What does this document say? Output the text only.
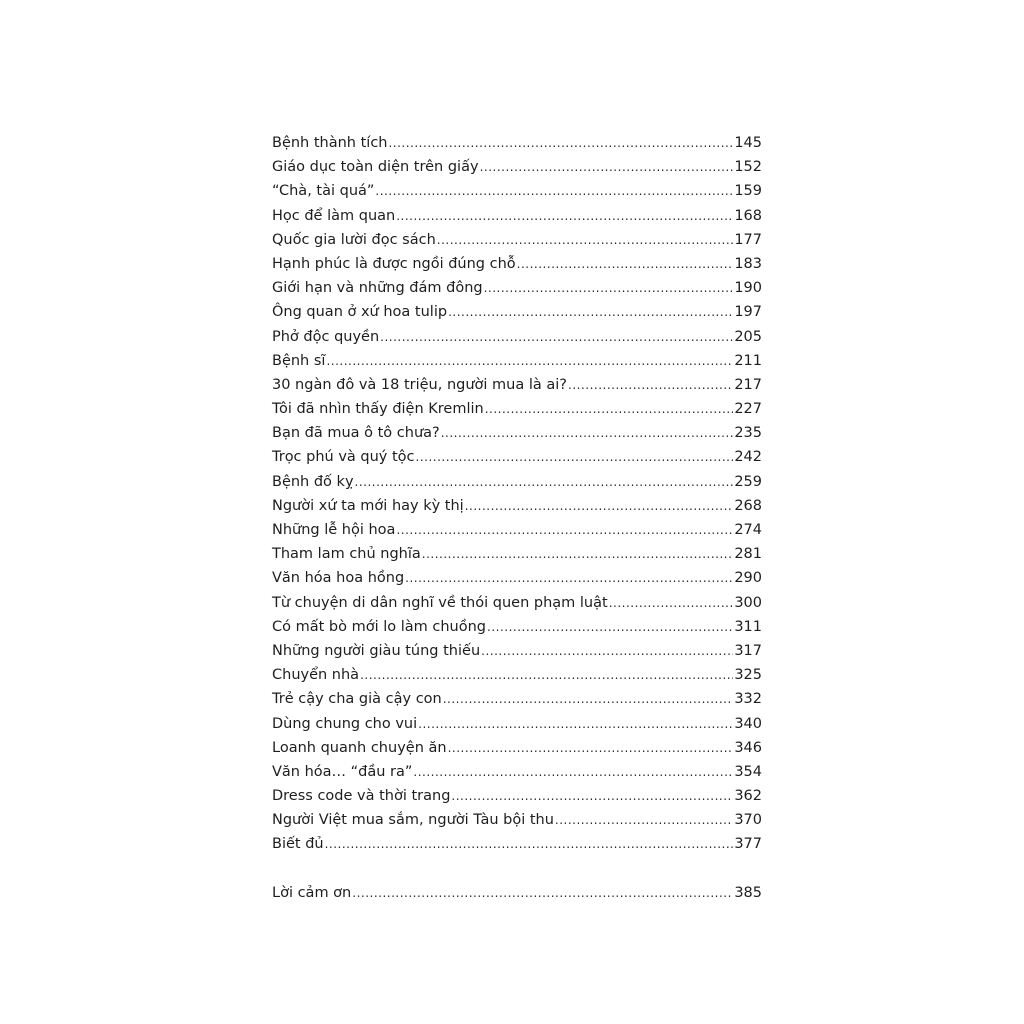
Bệnh thành tích .....	145
Giáo dục toàn diện trên giấy .....	152
“Chà, tài quá” .....	159
Học để làm quan .....	168
Quốc gia lười đọc sách .....	177
Hạnh phúc là được ngồi đúng chỗ .....	183
Giới hạn và những đám đông .....	190
Ông quan ở xứ hoa tulip .....	197
Phở độc quyền .....	205
Bệnh sĩ .....	211
30 ngàn đô và 18 triệu, người mua là ai? .....	217
Tôi đã nhìn thấy điện Kremlin .....	227
Bạn đã mua ô tô chưa? .....	235
Trọc phú và quý tộc .....	242
Bệnh đố kỵ .....	259
Người xứ ta mới hay kỳ thị .....	268
Những lễ hội hoa .....	274
Tham lam chủ nghĩa .....	281
Văn hóa hoa hồng .....	290
Từ chuyện di dân nghĩ về thói quen phạm luật .....	300
Có mất bò mới lo làm chuồng .....	311
Những người giàu túng thiếu .....	317
Chuyển nhà .....	325
Trẻ cậy cha già cậy con .....	332
Dùng chung cho vui .....	340
Loanh quanh chuyện ăn .....	346
Văn hóa… “đầu ra” .....	354
Dress code và thời trang .....	362
Người Việt mua sắm, người Tàu bội thu .....	370
Biết đủ .....	377
Lời cảm ơn .....	385
